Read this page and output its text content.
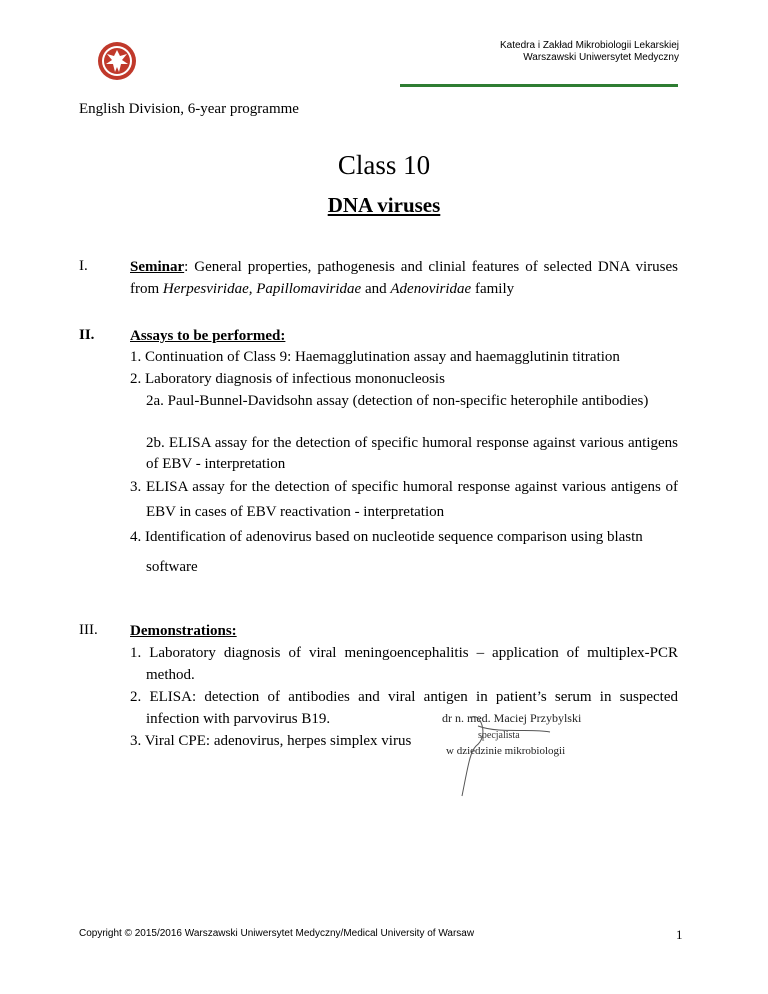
Katedra i Zakład Mikrobiologii Lekarskiej
Warszawski Uniwersytet Medyczny
English Division, 6-year programme
Class 10
DNA viruses
I.	Seminar: General properties, pathogenesis and clinial features of selected DNA viruses from Herpesviridae, Papillomaviridae and Adenoviridae family
II. Assays to be performed:
1. Continuation of Class 9: Haemagglutination assay and haemagglutinin titration
2. Laboratory diagnosis of infectious mononucleosis
2a. Paul-Bunnel-Davidsohn assay (detection of non-specific heterophile antibodies)
2b. ELISA assay for the detection of specific humoral response against various antigens of EBV - interpretation
3. ELISA assay for the detection of specific humoral response against various antigens of EBV in cases of EBV reactivation - interpretation
4. Identification of adenovirus based on nucleotide sequence comparison using blastn software
III. Demonstrations:
1. Laboratory diagnosis of viral meningoencephalitis – application of multiplex-PCR method.
2. ELISA: detection of antibodies and viral antigen in patient’s serum in suspected infection with parvovirus B19.
3. Viral CPE: adenovirus, herpes simplex virus
dr n. med. Maciej Przybylski
specjalista
w dziedzinie mikrobiologii
Copyright © 2015/2016 Warszawski Uniwersytet Medyczny/Medical University of Warsaw	1
